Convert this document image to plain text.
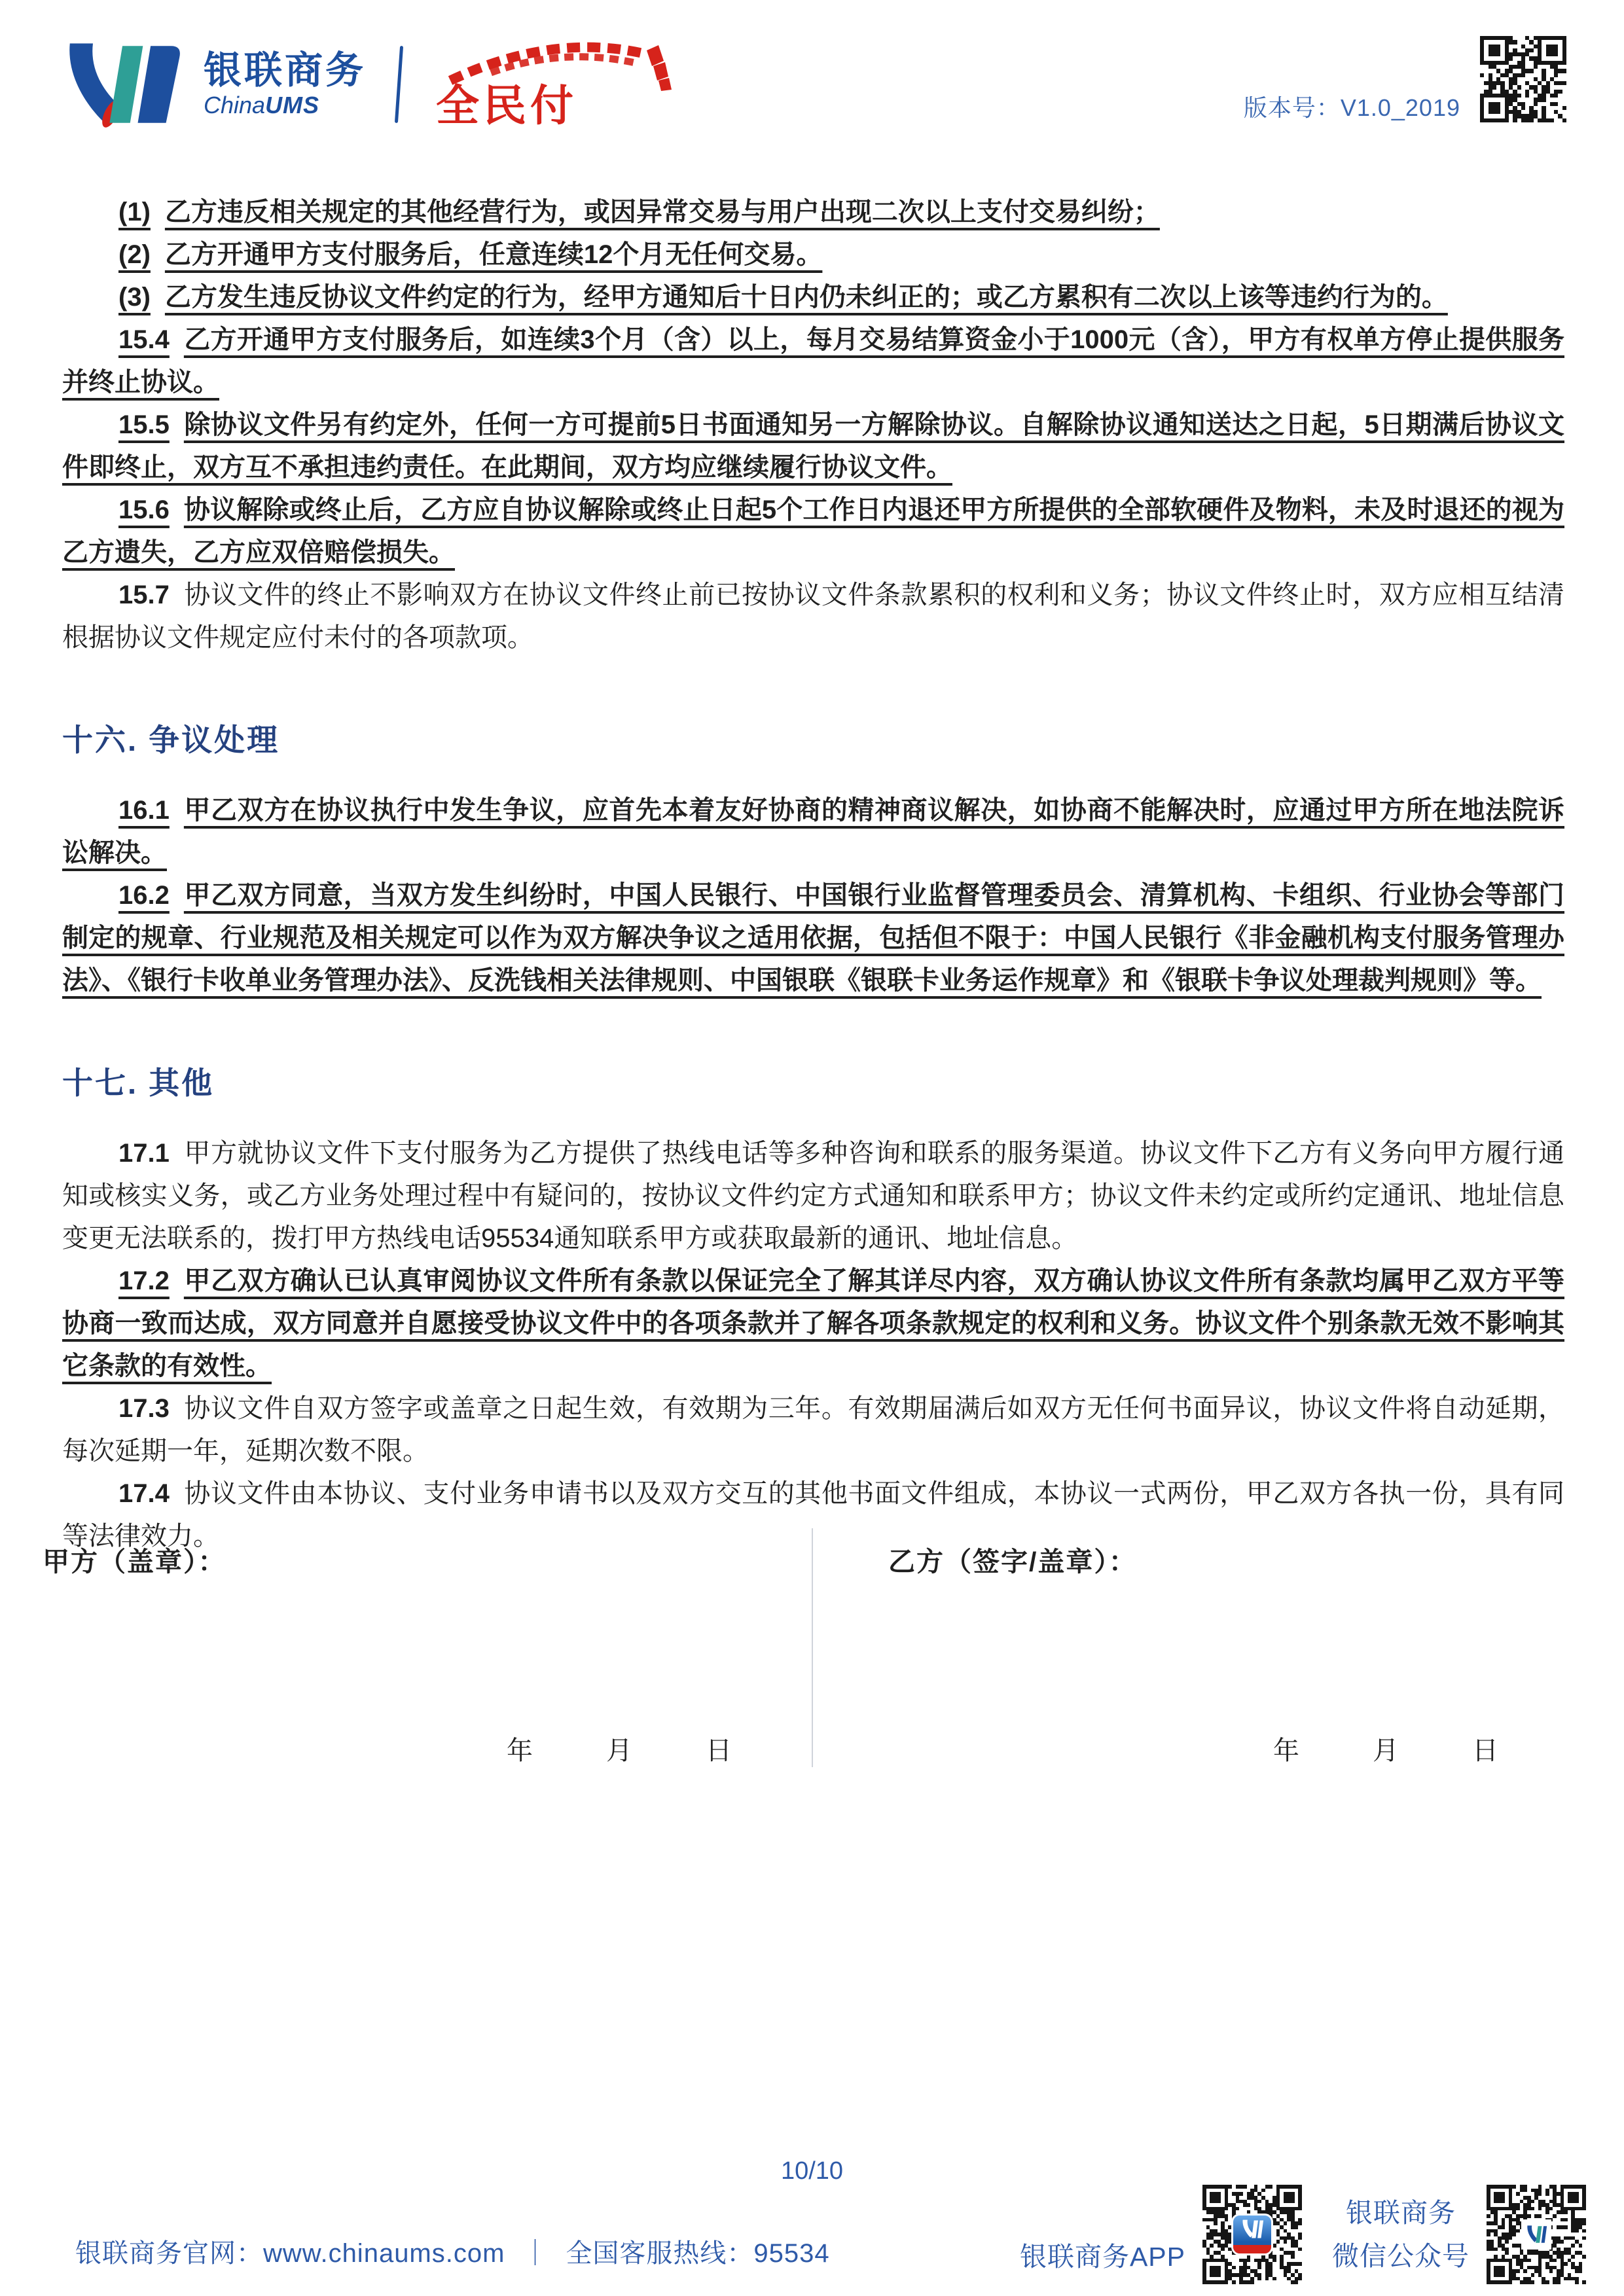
银联商务
ChinaUMS	全民付	版本号：V1.0_2019

(1) 乙方违反相关规定的其他经营行为，或因异常交易与用户出现二次以上支付交易纠纷；

(2) 乙方开通甲方支付服务后，任意连续12个月无任何交易。

(3) 乙方发生违反协议文件约定的行为，经甲方通知后十日内仍未纠正的；或乙方累积有二次以上该等违约行为的。

15.4 乙方开通甲方支付服务后，如连续3个月（含）以上，每月交易结算资金小于1000元（含），甲方有权单方停止提供服务并终止协议。

15.5 除协议文件另有约定外，任何一方可提前5日书面通知另一方解除协议。自解除协议通知送达之日起，5日期满后协议文件即终止，双方互不承担违约责任。在此期间，双方均应继续履行协议文件。

15.6 协议解除或终止后，乙方应自协议解除或终止日起5个工作日内退还甲方所提供的全部软硬件及物料，未及时退还的视为乙方遗失，乙方应双倍赔偿损失。

15.7 协议文件的终止不影响双方在协议文件终止前已按协议文件条款累积的权利和义务；协议文件终止时，双方应相互结清根据协议文件规定应付未付的各项款项。

十六. 争议处理

16.1 甲乙双方在协议执行中发生争议，应首先本着友好协商的精神商议解决，如协商不能解决时，应通过甲方所在地法院诉讼解决。

16.2 甲乙双方同意，当双方发生纠纷时，中国人民银行、中国银行业监督管理委员会、清算机构、卡组织、行业协会等部门制定的规章、行业规范及相关规定可以作为双方解决争议之适用依据，包括但不限于：中国人民银行《非金融机构支付服务管理办法》、《银行卡收单业务管理办法》、反洗钱相关法律规则、中国银联《银联卡业务运作规章》和《银联卡争议处理裁判规则》等。

十七. 其他

17.1 甲方就协议文件下支付服务为乙方提供了热线电话等多种咨询和联系的服务渠道。协议文件下乙方有义务向甲方履行通知或核实义务，或乙方业务处理过程中有疑问的，按协议文件约定方式通知和联系甲方；协议文件未约定或所约定通讯、地址信息变更无法联系的，拨打甲方热线电话95534通知联系甲方或获取最新的通讯、地址信息。

17.2 甲乙双方确认已认真审阅协议文件所有条款以保证完全了解其详尽内容，双方确认协议文件所有条款均属甲乙双方平等协商一致而达成，双方同意并自愿接受协议文件中的各项条款并了解各项条款规定的权利和义务。协议文件个别条款无效不影响其它条款的有效性。

17.3 协议文件自双方签字或盖章之日起生效，有效期为三年。有效期届满后如双方无任何书面异议，协议文件将自动延期，每次延期一年，延期次数不限。

17.4 协议文件由本协议、支付业务申请书以及双方交互的其他书面文件组成，本协议一式两份，甲乙双方各执一份，具有同等法律效力。

甲方（盖章）：
年	月	日
乙方（签字/盖章）：
年	月	日
10/10
银联商务官网：www.chinaums.com ｜ 全国客服热线：95534	银联商务APP
银联商务
微信公众号
